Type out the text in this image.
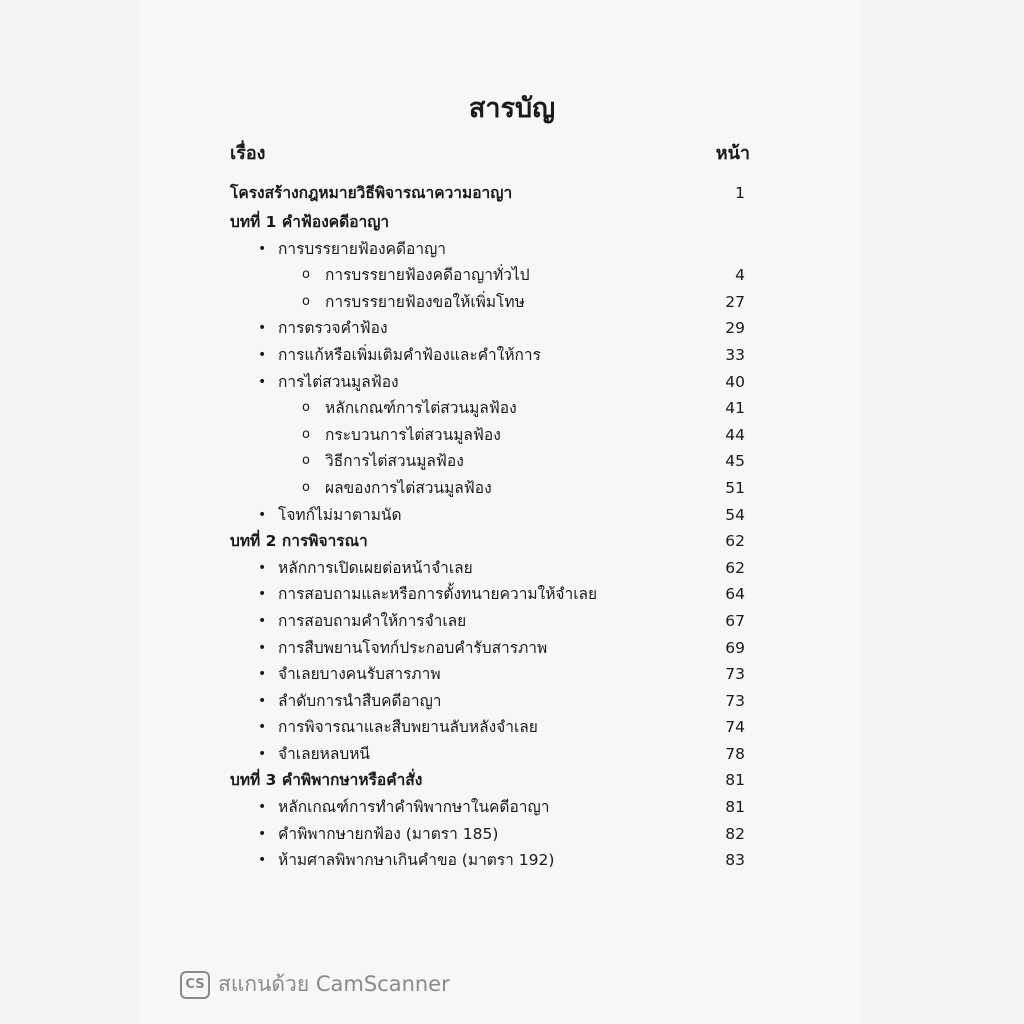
สารบัญ
เรื่อง	หน้า
โครงสร้างกฎหมายวิธีพิจารณาความอาญา	1
บทที่ 1 คำฟ้องคดีอาญา
• การบรรยายฟ้องคดีอาญา
o การบรรยายฟ้องคดีอาญาทั่วไป	4
o การบรรยายฟ้องขอให้เพิ่มโทษ	27
• การตรวจคำฟ้อง	29
• การแก้หรือเพิ่มเติมคำฟ้องและคำให้การ	33
• การไต่สวนมูลฟ้อง	40
o หลักเกณฑ์การไต่สวนมูลฟ้อง	41
o กระบวนการไต่สวนมูลฟ้อง	44
o วิธีการไต่สวนมูลฟ้อง	45
o ผลของการไต่สวนมูลฟ้อง	51
• โจทก์ไม่มาตามนัด	54
บทที่ 2 การพิจารณา	62
• หลักการเปิดเผยต่อหน้าจำเลย	62
• การสอบถามและหรือการตั้งทนายความให้จำเลย	64
• การสอบถามคำให้การจำเลย	67
• การสืบพยานโจทก์ประกอบคำรับสารภาพ	69
• จำเลยบางคนรับสารภาพ	73
• ลำดับการนำสืบคดีอาญา	73
• การพิจารณาและสืบพยานลับหลังจำเลย	74
• จำเลยหลบหนี	78
บทที่ 3 คำพิพากษาหรือคำสั่ง	81
• หลักเกณฑ์การทำคำพิพากษาในคดีอาญา	81
• คำพิพากษายกฟ้อง (มาตรา 185)	82
• ห้ามศาลพิพากษาเกินคำขอ (มาตรา 192)	83
CS สแกนด้วย CamScanner
